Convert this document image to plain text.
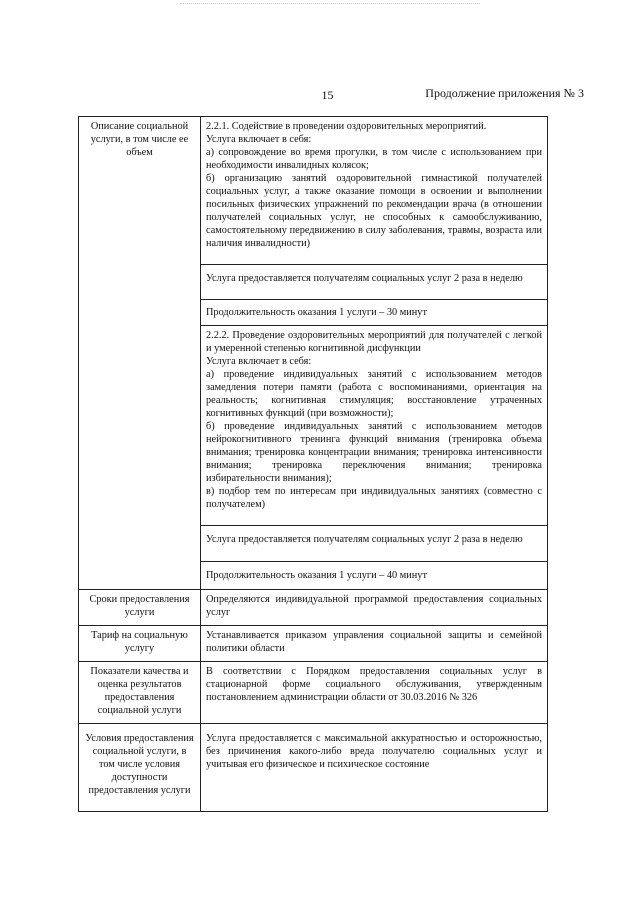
15	Продолжение приложения № 3
Описание социальной услуги, в том числе ее объем	2.2.1. Содействие в проведении оздоровительных мероприятий.
Услуга включает в себя:
а) сопровождение во время прогулки, в том числе с использованием при необходимости инвалидных колясок;
б) организацию занятий оздоровительной гимнастикой получателей социальных услуг, а также оказание помощи в освоении и выполнении посильных физических упражнений по рекомендации врача (в отношении получателей социальных услуг, не способных к самообслуживанию, самостоятельному передвижению в силу заболевания, травмы, возраста или наличия инвалидности)

	Услуга предоставляется получателям социальных услуг 2 раза в неделю
	Продолжительность оказания 1 услуги – 30 минут

	2.2.2. Проведение оздоровительных мероприятий для получателей с легкой и умеренной степенью когнитивной дисфункции
Услуга включает в себя:
а) проведение индивидуальных занятий с использованием методов замедления потери памяти (работа с воспоминаниями, ориентация на реальность; когнитивная стимуляция; восстановление утраченных когнитивных функций (при возможности);
б) проведение индивидуальных занятий с использованием методов нейрокогнитивного тренинга функций внимания (тренировка объема внимания; тренировка концентрации внимания; тренировка интенсивности внимания; тренировка переключения внимания; тренировка избирательности внимания);
в) подбор тем по интересам при индивидуальных занятиях (совместно с получателем)

	Услуга предоставляется получателям социальных услуг 2 раза в неделю
	Продолжительность оказания 1 услуги – 40 минут
Сроки предоставления услуги	Определяются индивидуальной программой предоставления социальных услуг
Тариф на социальную услугу	Устанавливается приказом управления социальной защиты и семейной политики области
Показатели качества и оценка результатов предоставления социальной услуги	В соответствии с Порядком предоставления социальных услуг в стационарной форме социального обслуживания, утвержденным постановлением администрации области от 30.03.2016 № 326
Условия предоставления социальной услуги, в том числе условия доступности предоставления услуги	Услуга предоставляется с максимальной аккуратностью и осторожностью, без причинения какого-либо вреда получателю социальных услуг и учитывая его физическое и психическое состояние
